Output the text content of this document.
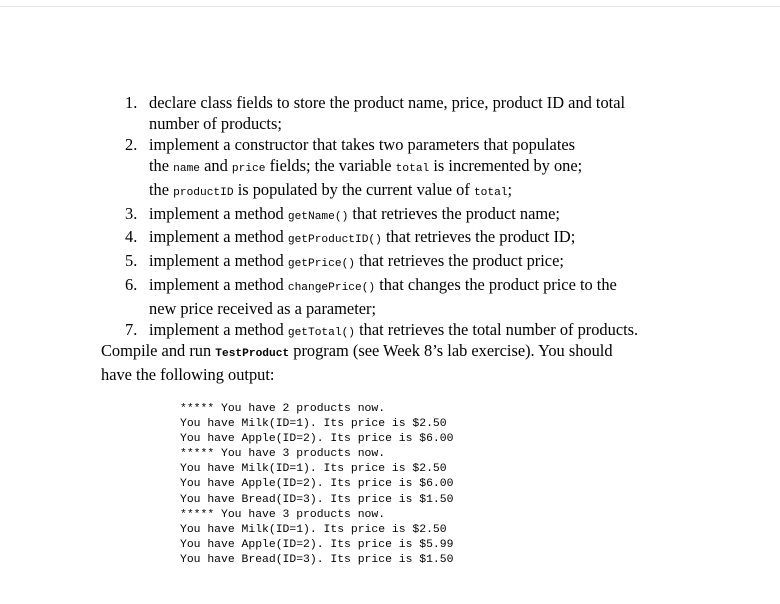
1. declare class fields to store the product name, price, product ID and total
number of products;
2. implement a constructor that takes two parameters that populates
the name and price fields; the variable total is incremented by one;
the productID is populated by the current value of total;
3. implement a method getName() that retrieves the product name;
4. implement a method getProductID() that retrieves the product ID;
5. implement a method getPrice() that retrieves the product price;
6. implement a method changePrice() that changes the product price to the
new price received as a parameter;
7. implement a method getTotal() that retrieves the total number of products.

Compile and run TestProduct program (see Week 8’s lab exercise). You should
have the following output:

***** You have 2 products now.
You have Milk(ID=1). Its price is $2.50
You have Apple(ID=2). Its price is $6.00
***** You have 3 products now.
You have Milk(ID=1). Its price is $2.50
You have Apple(ID=2). Its price is $6.00
You have Bread(ID=3). Its price is $1.50
***** You have 3 products now.
You have Milk(ID=1). Its price is $2.50
You have Apple(ID=2). Its price is $5.99
You have Bread(ID=3). Its price is $1.50
